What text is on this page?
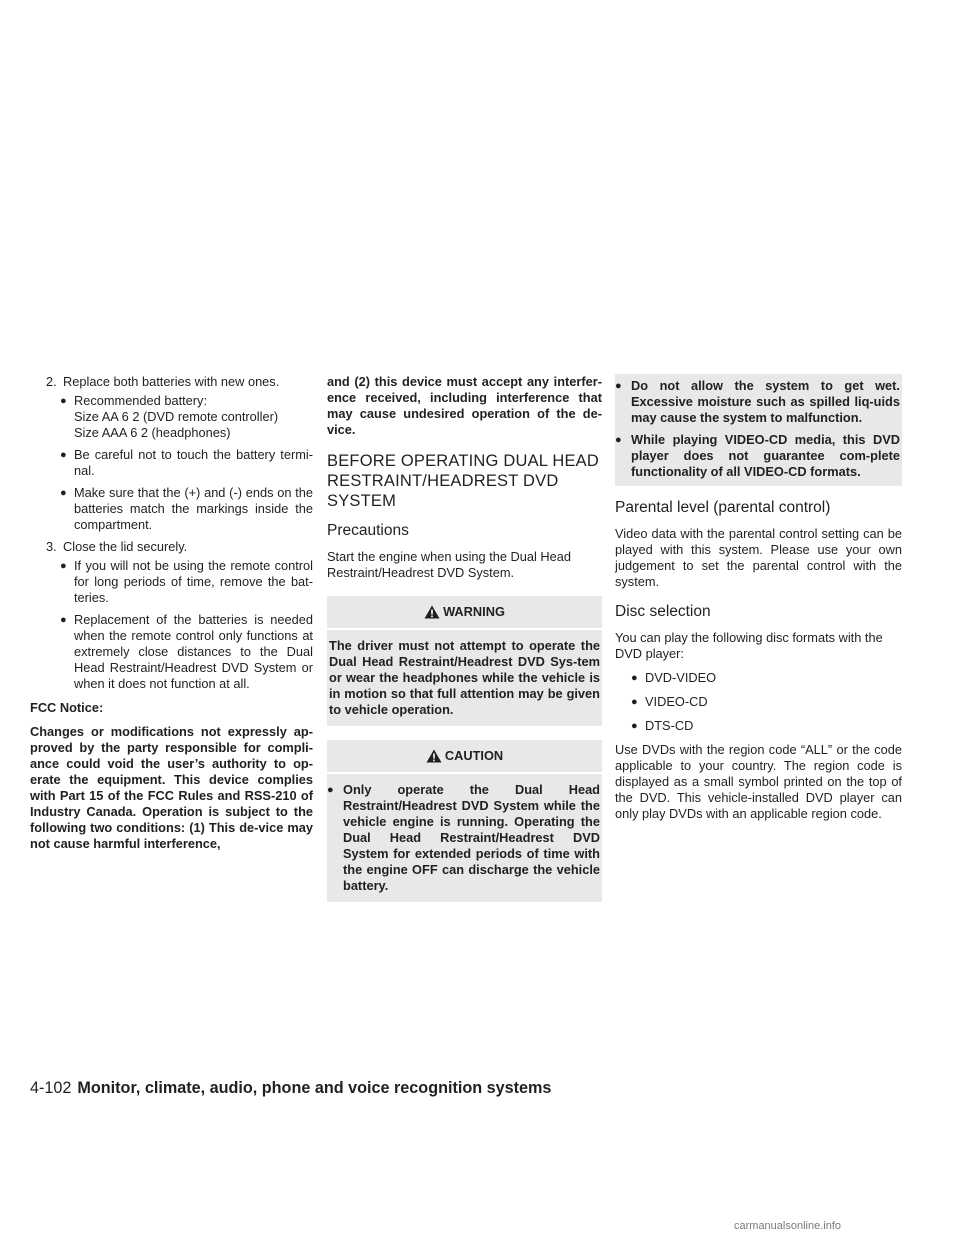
2. Replace both batteries with new ones.
● Recommended battery:
Size AA 6 2 (DVD remote controller)
Size AAA 6 2 (headphones)
● Be careful not to touch the battery termi-nal.
● Make sure that the (+) and (-) ends on the batteries match the markings inside the compartment.
3. Close the lid securely.
● If you will not be using the remote control for long periods of time, remove the bat-teries.
● Replacement of the batteries is needed when the remote control only functions at extremely close distances to the Dual Head Restraint/Headrest DVD System or when it does not function at all.

FCC Notice:

Changes or modifications not expressly ap-proved by the party responsible for compli-ance could void the user’s authority to op-erate the equipment. This device complies with Part 15 of the FCC Rules and RSS-210 of Industry Canada. Operation is subject to the following two conditions: (1) This de-vice may not cause harmful interference,

and (2) this device must accept any interfer-ence received, including interference that may cause undesired operation of the de-vice.

BEFORE OPERATING DUAL HEAD RESTRAINT/HEADREST DVD SYSTEM
Precautions

Start the engine when using the Dual Head Restraint/Headrest DVD System.

WARNING

The driver must not attempt to operate the Dual Head Restraint/Headrest DVD Sys-tem or wear the headphones while the vehicle is in motion so that full attention may be given to vehicle operation.

CAUTION
● Only operate the Dual Head Restraint/Headrest DVD System while the vehicle engine is running. Operating the Dual Head Restraint/Headrest DVD System for extended periods of time with the engine OFF can discharge the vehicle battery.
● Do not allow the system to get wet. Excessive moisture such as spilled liq-uids may cause the system to malfunction.
● While playing VIDEO-CD media, this DVD player does not guarantee com-plete functionality of all VIDEO-CD formats.
Parental level (parental control)

Video data with the parental control setting can be played with this system. Please use your own judgement to set the parental control with the system.

Disc selection

You can play the following disc formats with the DVD player:

● DVD-VIDEO
● VIDEO-CD
● DTS-CD

Use DVDs with the region code “ALL” or the code applicable to your country. The region code is displayed as a small symbol printed on the top of the DVD. This vehicle-installed DVD player can only play DVDs with an applicable region code.

4-102 Monitor, climate, audio, phone and voice recognition systems
carmanualsonline.info
